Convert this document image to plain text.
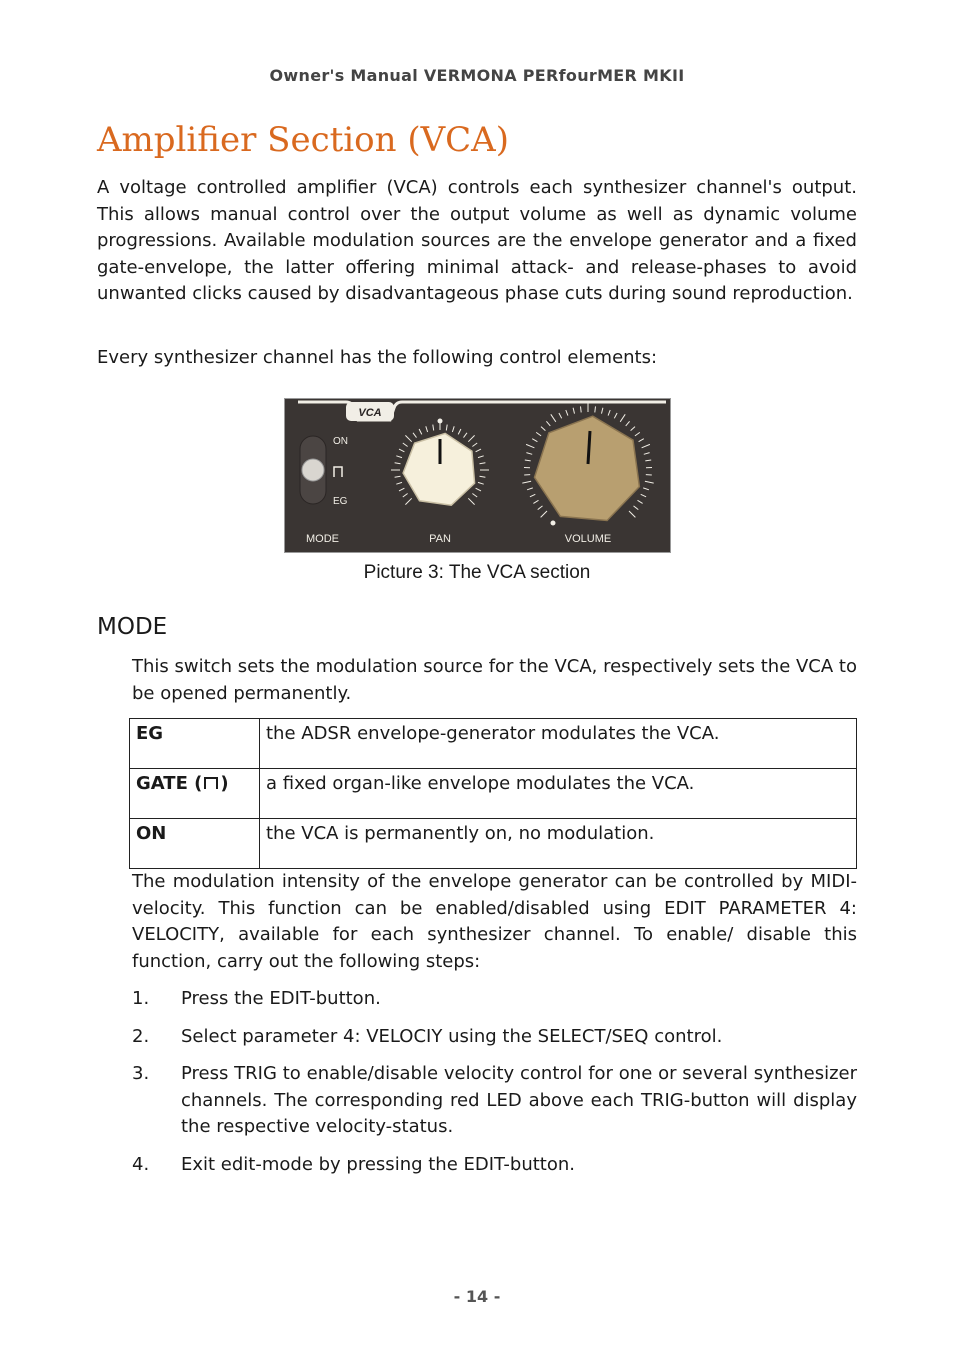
Owner's Manual VERMONA PERfourMER MKII
Amplifier Section (VCA)

A voltage controlled amplifier (VCA) controls each synthesizer channel's output. This allows manual control over the output volume as well as dynamic volume progressions. Available modulation sources are the envelope generator and a fixed gate-envelope, the latter offering minimal attack- and release-phases to avoid unwanted clicks caused by disadvantageous phase cuts during sound reproduction.

Every synthesizer channel has the following control elements:

VCA
ON
EG
MODE	PAN	VOLUME
Picture 3: The VCA section
MODE

This switch sets the modulation source for the VCA, respectively sets the VCA to be opened permanently.

EG	the ADSR envelope-generator modulates the VCA.
GATE ( )	a fixed organ-like envelope modulates the VCA.
ON	the VCA is permanently on, no modulation.

The modulation intensity of the envelope generator can be controlled by MIDI-velocity. This function can be enabled/disabled using EDIT PARAMETER 4: VELOCITY, available for each synthesizer channel. To enable/ disable this function, carry out the following steps:

1. Press the EDIT-button.
2. Select parameter 4: VELOCIY using the SELECT/SEQ control.
3. Press TRIG to enable/disable velocity control for one or several synthesizer channels. The corresponding red LED above each TRIG-button will display the respective velocity-status.
4. Exit edit-mode by pressing the EDIT-button.
- 14 -
